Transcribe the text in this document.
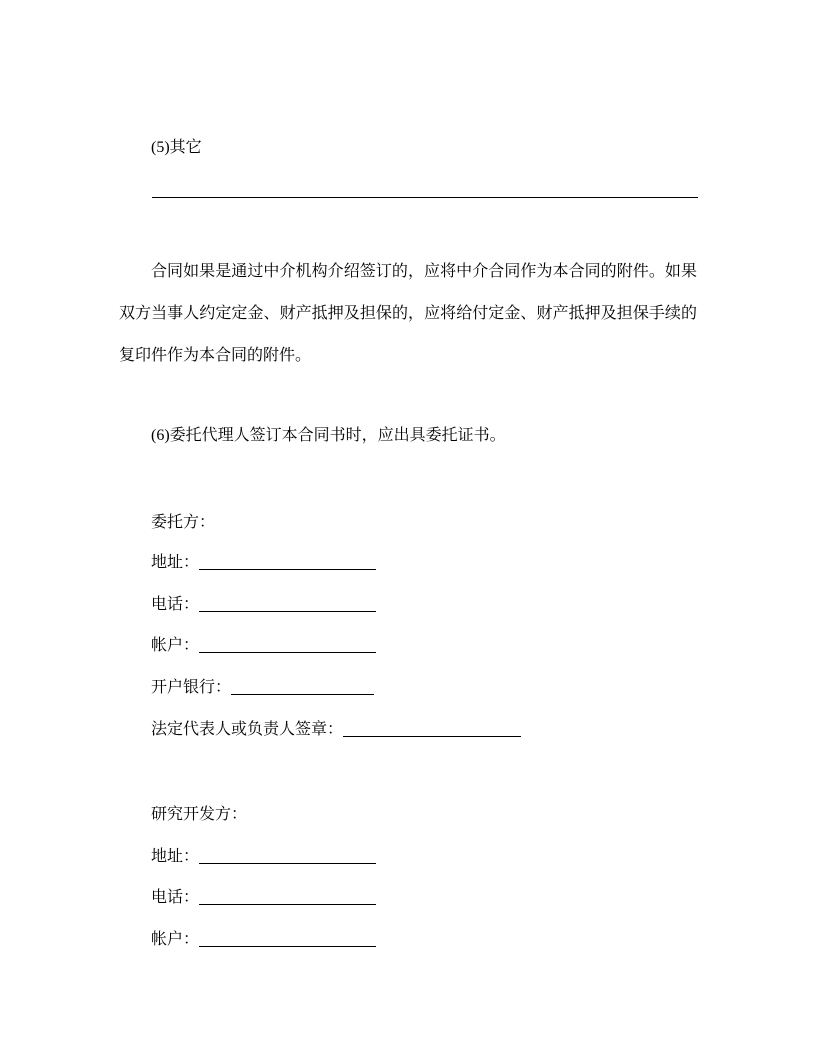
(5)其它
合同如果是通过中介机构介绍签订的，应将中介合同作为本合同的附件。如果双方当事人约定定金、财产抵押及担保的，应将给付定金、财产抵押及担保手续的复印件作为本合同的附件。
(6)委托代理人签订本合同书时，应出具委托证书。
委托方：
地址：
电话：
帐户：
开户银行：
法定代表人或负责人签章：
研究开发方：
地址：
电话：
帐户：
